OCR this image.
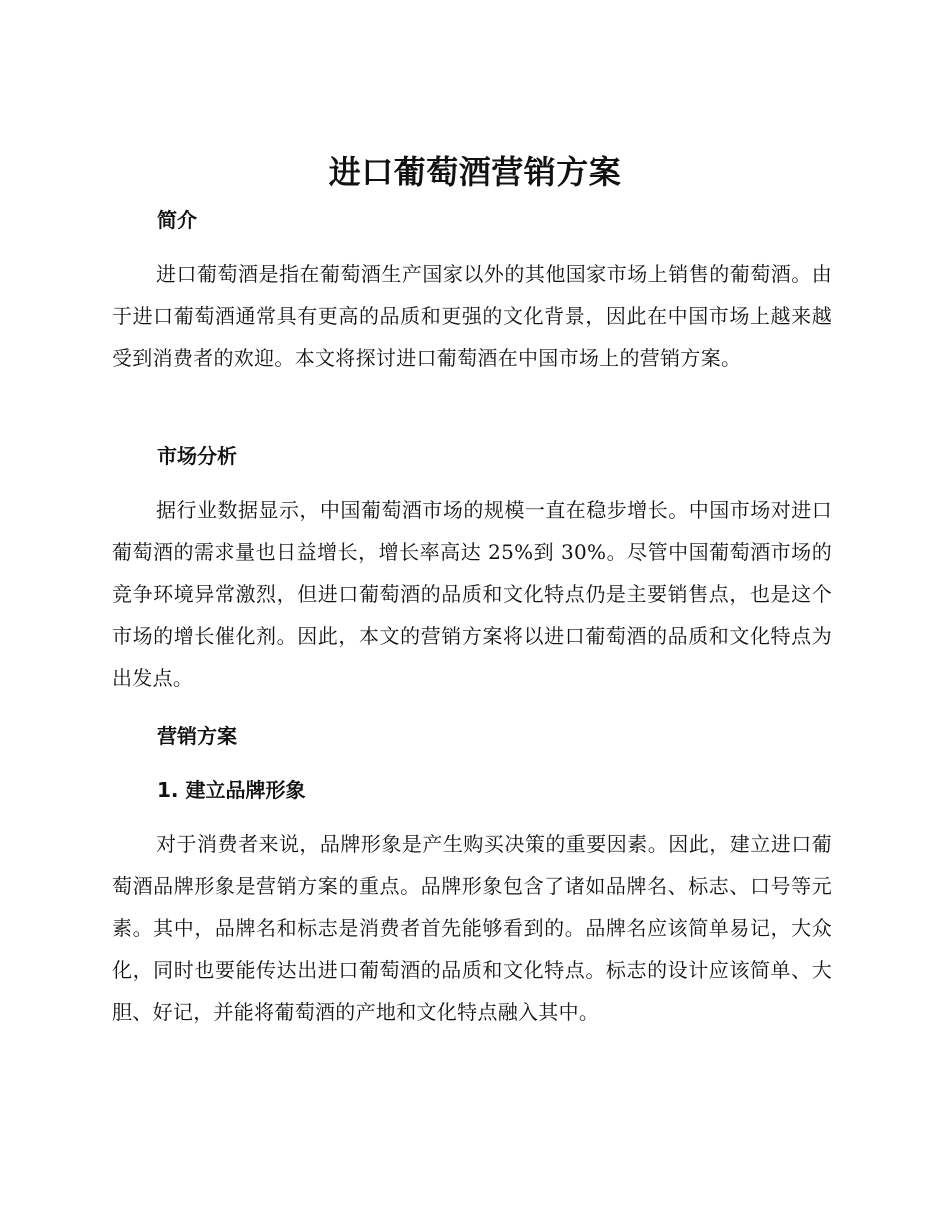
进口葡萄酒营销方案
简介

进口葡萄酒是指在葡萄酒生产国家以外的其他国家市场上销售的葡萄酒。由于进口葡萄酒通常具有更高的品质和更强的文化背景，因此在中国市场上越来越受到消费者的欢迎。本文将探讨进口葡萄酒在中国市场上的营销方案。

市场分析

据行业数据显示，中国葡萄酒市场的规模一直在稳步增长。中国市场对进口葡萄酒的需求量也日益增长，增长率高达 25%到 30%。尽管中国葡萄酒市场的竞争环境异常激烈，但进口葡萄酒的品质和文化特点仍是主要销售点，也是这个市场的增长催化剂。因此，本文的营销方案将以进口葡萄酒的品质和文化特点为出发点。

营销方案
1. 建立品牌形象

对于消费者来说，品牌形象是产生购买决策的重要因素。因此，建立进口葡萄酒品牌形象是营销方案的重点。品牌形象包含了诸如品牌名、标志、口号等元素。其中，品牌名和标志是消费者首先能够看到的。品牌名应该简单易记，大众化，同时也要能传达出进口葡萄酒的品质和文化特点。标志的设计应该简单、大胆、好记，并能将葡萄酒的产地和文化特点融入其中。
